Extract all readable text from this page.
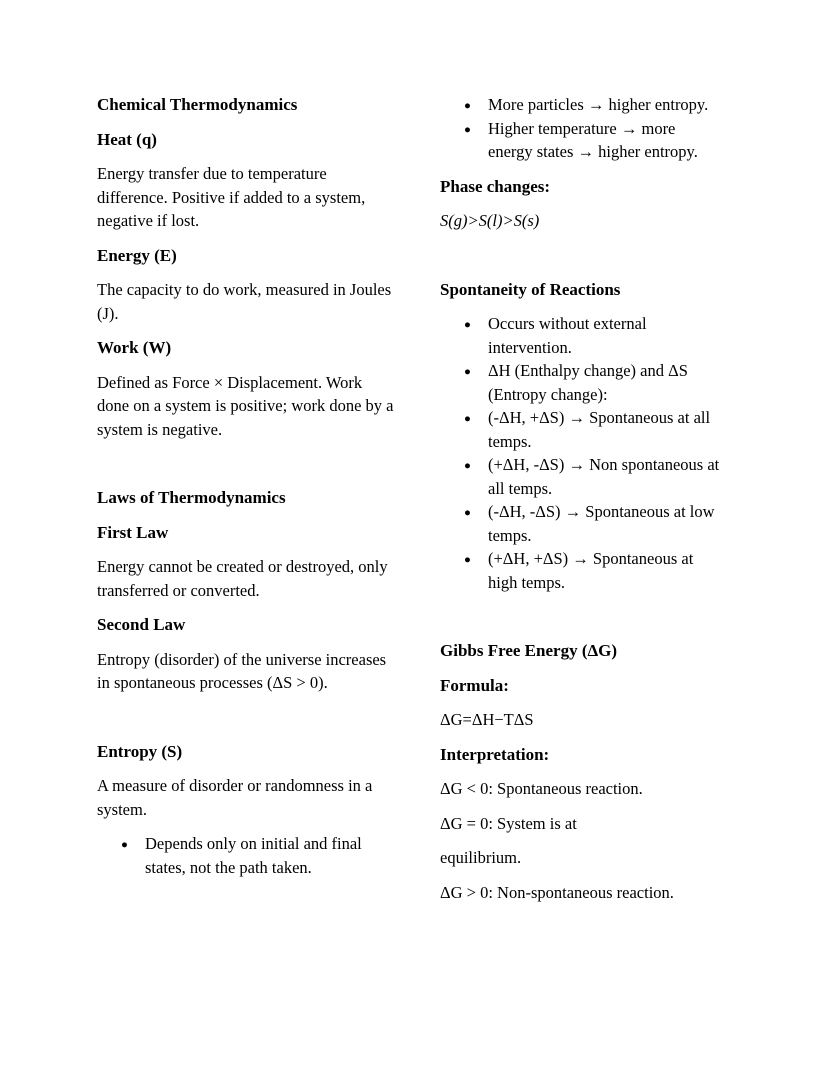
Chemical Thermodynamics

Heat (q)

Energy transfer due to temperature difference. Positive if added to a system, negative if lost.

Energy (E)

The capacity to do work, measured in Joules (J).

Work (W)

Defined as Force × Displacement. Work done on a system is positive; work done by a system is negative.

Laws of Thermodynamics

First Law

Energy cannot be created or destroyed, only transferred or converted.

Second Law

Entropy (disorder) of the universe increases in spontaneous processes (ΔS > 0).

Entropy (S)

A measure of disorder or randomness in a system.

● Depends only on initial and final states, not the path taken.
● More particles → higher entropy.
● Higher temperature → more energy states → higher entropy.

Phase changes:

S(g)>S(l)>S(s)

Spontaneity of Reactions

● Occurs without external intervention.
● ΔH (Enthalpy change) and ΔS (Entropy change):
● (-ΔH, +ΔS) → Spontaneous at all temps.
● (+ΔH, -ΔS) → Non spontaneous at all temps.
● (-ΔH, -ΔS) → Spontaneous at low temps.
● (+ΔH, +ΔS) → Spontaneous at high temps.

Gibbs Free Energy (ΔG)

Formula:

ΔG=ΔH−TΔS

Interpretation:

ΔG < 0: Spontaneous reaction.

ΔG = 0: System is at

equilibrium.

ΔG > 0: Non-spontaneous reaction.
